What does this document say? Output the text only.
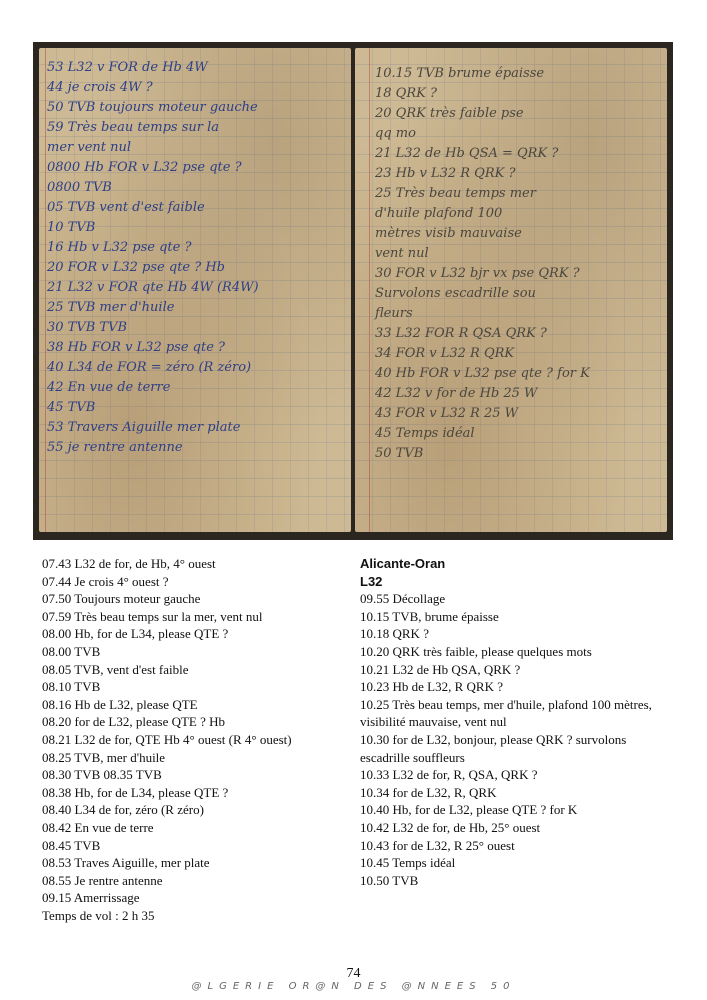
53 L32 v FOR de Hb 4W
44 je crois 4W ?
50 TVB toujours moteur gauche
59 Très beau temps sur la
mer vent nul
0800 Hb FOR v L32 pse qte ?
0800 TVB
05 TVB vent d'est faible
10 TVB
16 Hb v L32 pse qte ?
20 FOR v L32 pse qte ? Hb
21 L32 v FOR qte Hb 4W (R4W)
25 TVB mer d'huile
30 TVB TVB
38 Hb FOR v L32 pse qte ?
40 L34 de FOR = zéro (R zéro)
42 En vue de terre
45 TVB
53 Travers Aiguille mer plate
55 je rentre antenne
10.15 TVB brume épaisse
18 QRK ?
20 QRK très faible pse
qq mo
21 L32 de Hb QSA = QRK ?
23 Hb v L32 R QRK ?
25 Très beau temps mer
d'huile plafond 100
mètres visib mauvaise
vent nul
30 FOR v L32 bjr vx pse QRK ?
Survolons escadrille sou
fleurs
33 L32 FOR R QSA QRK ?
34 FOR v L32 R QRK
40 Hb FOR v L32 pse qte ? for K
42 L32 v for de Hb 25 W
43 FOR v L32 R 25 W
45 Temps idéal
50 TVB
07.43 L32 de for, de Hb, 4° ouest
07.44 Je crois 4° ouest ?
07.50 Toujours moteur gauche
07.59 Très beau temps sur la mer, vent nul
08.00 Hb, for de L34, please QTE ?
08.00 TVB
08.05 TVB, vent d'est faible
08.10 TVB
08.16 Hb de L32, please QTE
08.20 for de L32, please QTE ? Hb
08.21 L32 de for, QTE Hb 4° ouest (R 4° ouest)
08.25 TVB, mer d'huile
08.30 TVB 08.35 TVB
08.38 Hb, for de L34, please QTE ?
08.40 L34 de for, zéro (R zéro)
08.42 En vue de terre
08.45 TVB
08.53 Traves Aiguille, mer plate
08.55 Je rentre antenne
09.15 Amerrissage
Temps de vol : 2 h 35
Alicante-Oran
L32
09.55 Décollage
10.15 TVB, brume épaisse
10.18 QRK ?
10.20 QRK très faible, please quelques mots
10.21 L32 de Hb QSA, QRK ?
10.23 Hb de L32, R QRK ?
10.25 Très beau temps, mer d'huile, plafond 100 mètres, visibilité mauvaise, vent nul
10.30 for de L32, bonjour, please QRK ? survolons escadrille souffleurs
10.33 L32 de for, R, QSA, QRK ?
10.34 for de L32, R, QRK
10.40 Hb, for de L32, please QTE ? for K
10.42 L32 de for, de Hb, 25° ouest
10.43 for de L32, R 25° ouest
10.45 Temps idéal
10.50 TVB
74
@LGERIE OR@N DES @NNEES 50
